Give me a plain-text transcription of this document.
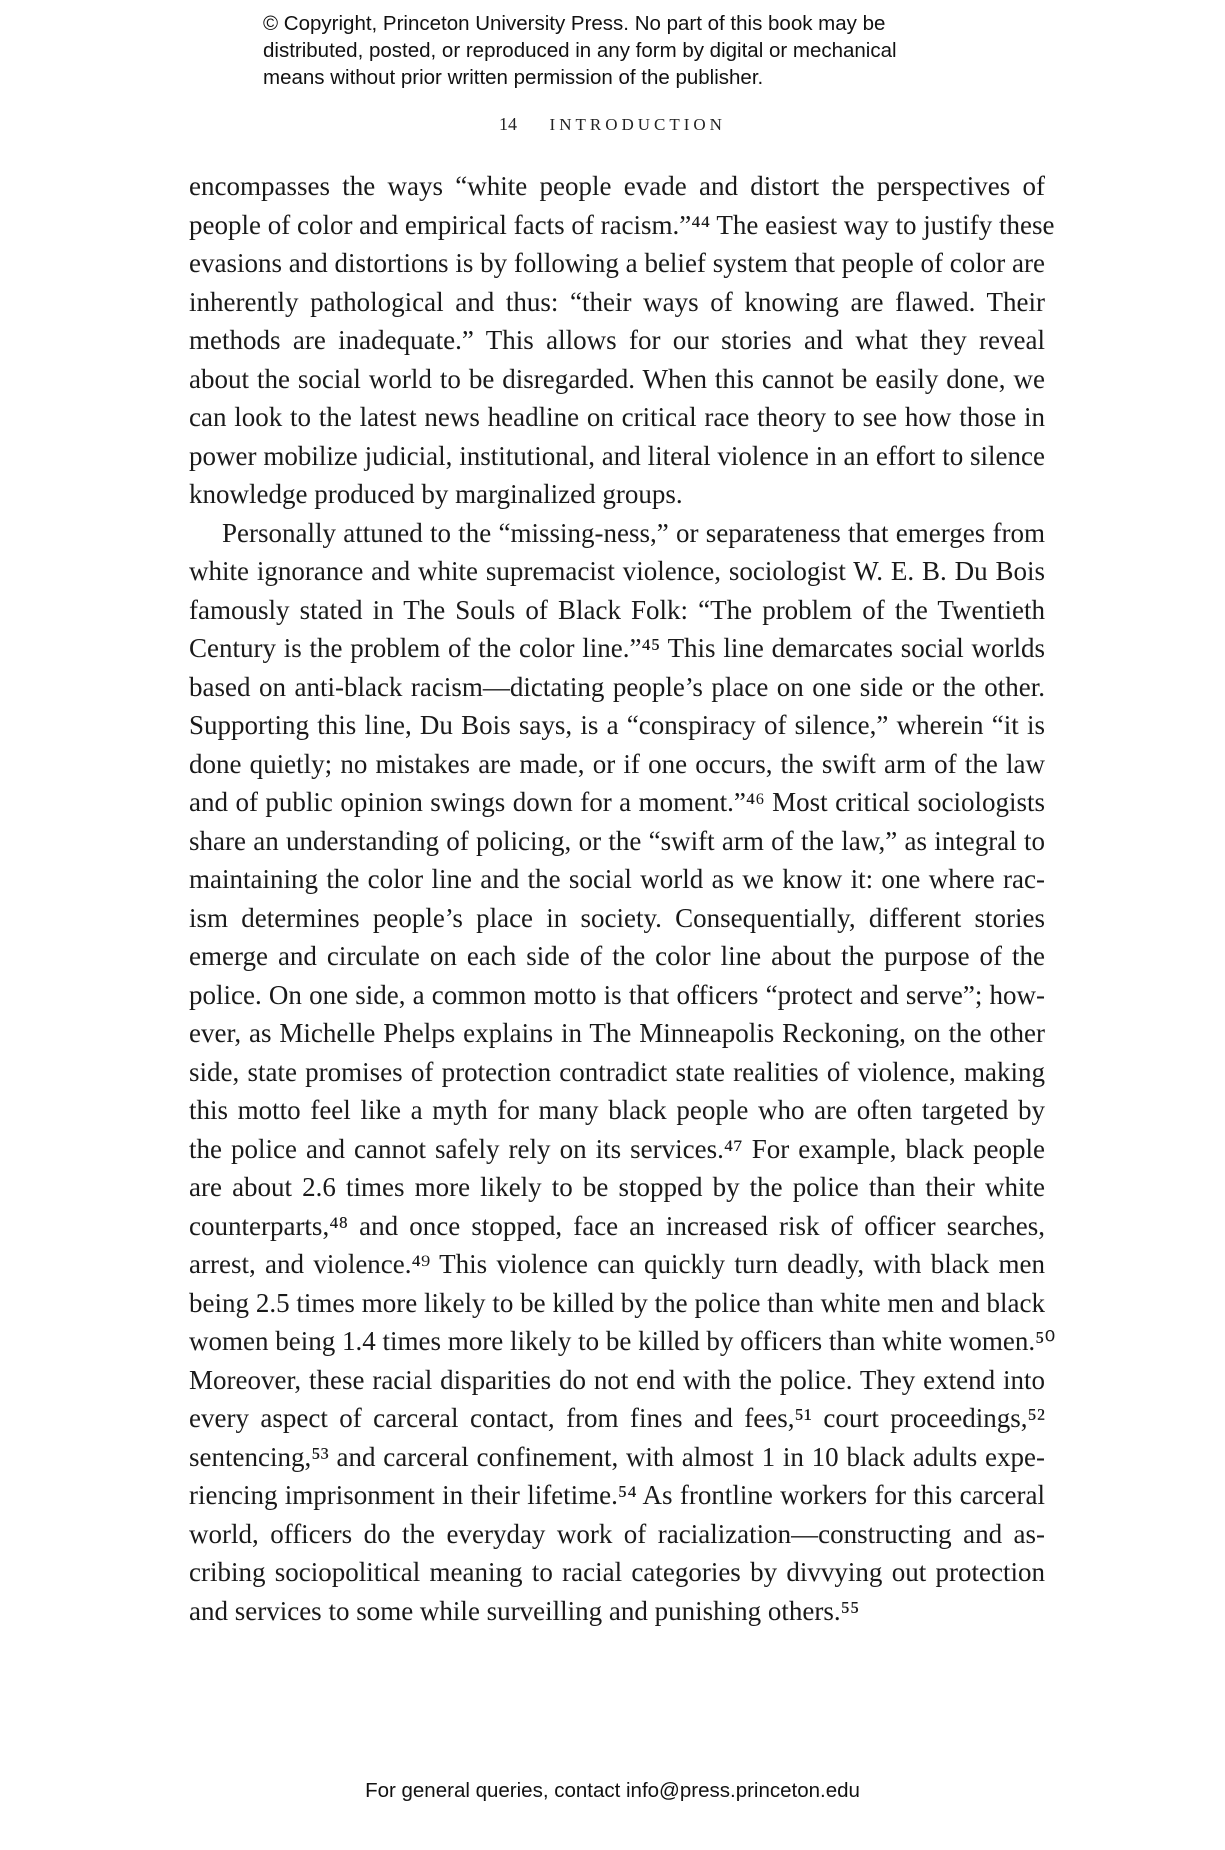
© Copyright, Princeton University Press. No part of this book may be
distributed, posted, or reproduced in any form by digital or mechanical
means without prior written permission of the publisher.
14 INTRODUCTION
encompasses the ways “white people evade and distort the perspectives of
people of color and empirical facts of racism.”⁴⁴ The easiest way to justify these
evasions and distortions is by following a belief system that people of color are
inherently pathological and thus: “their ways of knowing are flawed. Their
methods are inadequate.” This allows for our stories and what they reveal
about the social world to be disregarded. When this cannot be easily done, we
can look to the latest news headline on critical race theory to see how those in
power mobilize judicial, institutional, and literal violence in an effort to silence
knowledge produced by marginalized groups.
Personally attuned to the “missing-ness,” or separateness that emerges from
white ignorance and white supremacist violence, sociologist W. E. B. Du Bois
famously stated in The Souls of Black Folk: “The problem of the Twentieth
Century is the problem of the color line.”⁴⁵ This line demarcates social worlds
based on anti-black racism—dictating people’s place on one side or the other.
Supporting this line, Du Bois says, is a “conspiracy of silence,” wherein “it is
done quietly; no mistakes are made, or if one occurs, the swift arm of the law
and of public opinion swings down for a moment.”⁴⁶ Most critical sociologists
share an understanding of policing, or the “swift arm of the law,” as integral to
maintaining the color line and the social world as we know it: one where rac-
ism determines people’s place in society. Consequentially, different stories
emerge and circulate on each side of the color line about the purpose of the
police. On one side, a common motto is that officers “protect and serve”; how-
ever, as Michelle Phelps explains in The Minneapolis Reckoning, on the other
side, state promises of protection contradict state realities of violence, making
this motto feel like a myth for many black people who are often targeted by
the police and cannot safely rely on its services.⁴⁷ For example, black people
are about 2.6 times more likely to be stopped by the police than their white
counterparts,⁴⁸ and once stopped, face an increased risk of officer searches,
arrest, and violence.⁴⁹ This violence can quickly turn deadly, with black men
being 2.5 times more likely to be killed by the police than white men and black
women being 1.4 times more likely to be killed by officers than white women.⁵⁰
Moreover, these racial disparities do not end with the police. They extend into
every aspect of carceral contact, from fines and fees,⁵¹ court proceedings,⁵²
sentencing,⁵³ and carceral confinement, with almost 1 in 10 black adults expe-
riencing imprisonment in their lifetime.⁵⁴ As frontline workers for this carceral
world, officers do the everyday work of racialization—constructing and as-
cribing sociopolitical meaning to racial categories by divvying out protection
and services to some while surveilling and punishing others.⁵⁵
For general queries, contact info@press.princeton.edu
